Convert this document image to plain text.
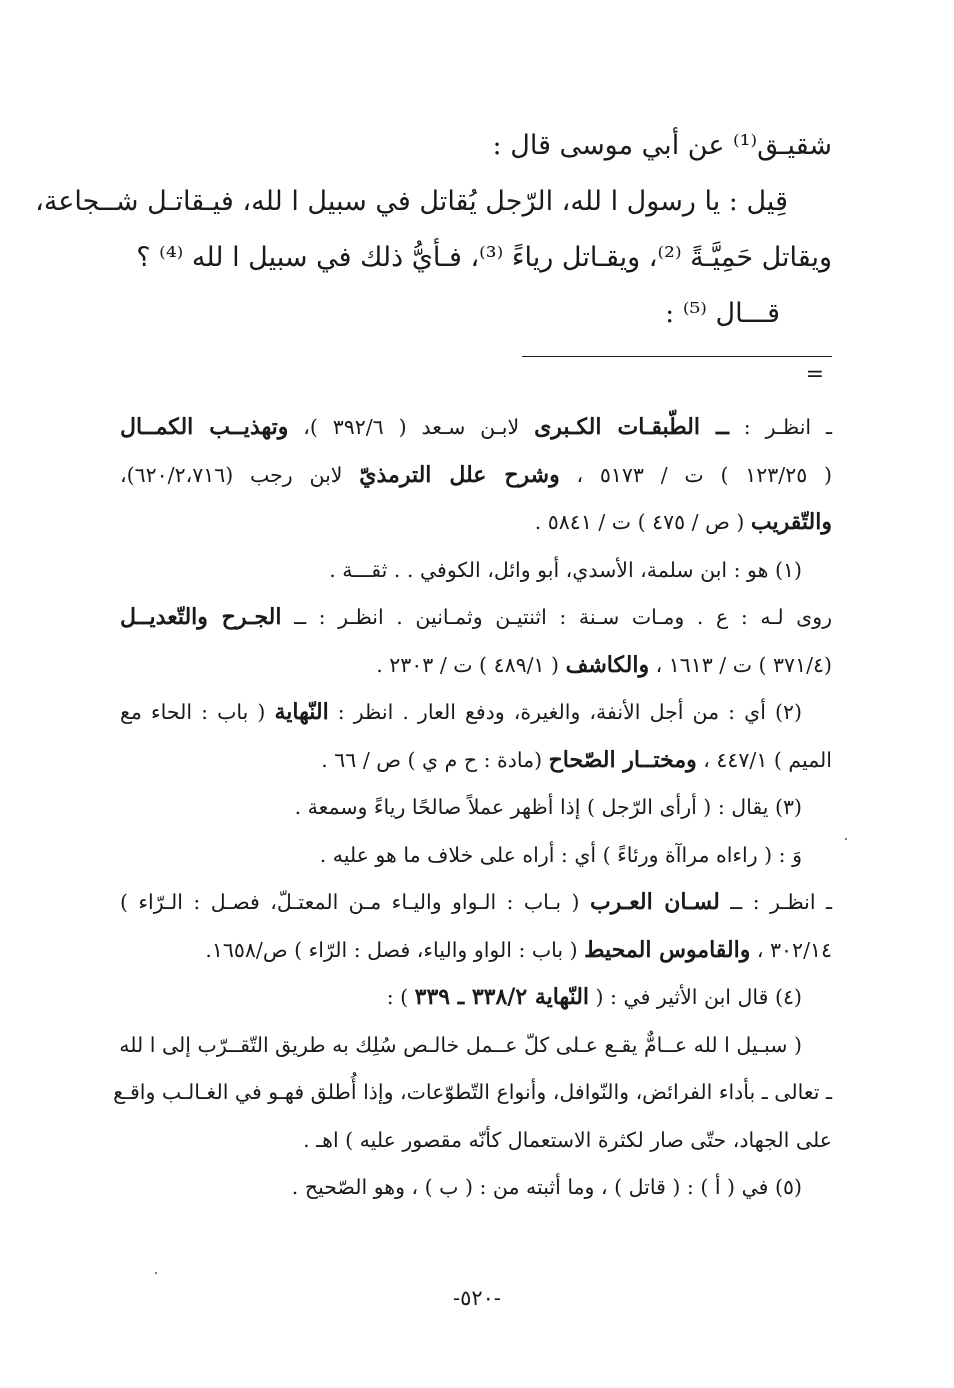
شقيـق⁽¹⁾ عن أبي موسى قال :

قِيل : يا رسول ا لله، الرّجل يُقاتل في سبيل ا لله، فيـقاتـل شــجاعة،

ويقاتل حَمِيَّـةً ⁽²⁾، ويقـاتل رياءً ⁽³⁾، فـأيُّ ذلك في سبيل ا لله ⁽⁴⁾ ؟

قـــال ⁽⁵⁾ :

=

ـ انظـر : ــ الطّبقـات الكـبرى لابـن سـعد ( ٣٩٢/٦ )، وتهذيــب الكمــال

( ١٢٣/٢٥ ) ت / ٥١٧٣ ، وشرح علل الترمذيّ لابن رجب (٦٢٠/٢،٧١٦)،

والتّقريب ( ص / ٤٧٥ ) ت / ٥٨٤١ .

(١) هو : ابن سلمة، الأسدي، أبو وائل، الكوفي . . ثقـــة .

روى لـه : ع . ومـات سـنة : اثنتيـن وثمـانين . انظـر : ــ الجـرح والتّعديــل

(٣٧١/٤ ) ت / ١٦١٣ ، والكاشف ( ٤٨٩/١ ) ت / ٢٣٠٣ .

(٢) أي : من أجل الأنفة، والغيرة، ودفع العار . انظر : النّهاية ( باب : الحاء مع

الميم ) ٤٤٧/١ ، ومختــار الصّحاح (مادة : ح م ي ) ص / ٦٦ .

(٣) يقال : ( أرأى الرّجل ) إذا أظهر عملاً صالحًا رياءً وسمعة .

وَ : ( راءاه مراآة ورئاءً ) أي : أراه على خلاف ما هو عليه .

ـ انظـر : ــ لسـان العـرب ( بـاب : الـواو واليـاء مـن المعتـلّ، فصـل : الـرّاء )

٣٠٢/١٤ ، والقاموس المحيط ( باب : الواو والياء، فصل : الرّاء ) ص/١٦٥٨.

(٤) قال ابن الأثير في : ( النّهاية ٣٣٨/٢ ـ ٣٣٩ ) :

( سبـيل ا لله عــامٌّ يقـع عـلى كلّ عــمل خالـص سُلِك به طريق التّقــرّب إلى ا لله

ـ تعالى ـ بأداء الفرائض، والنّوافل، وأنواع التّطوّعات، وإذا أُطلق فهـو في الغـالـب واقـع

على الجهاد، حتّى صار لكثرة الاستعمال كأنّه مقصور عليه ) اهـ .

(٥) في ( أ ) : ( قاتل ) ، وما أثبته من : ( ب ) ، وهو الصّحيح .

-٥٢٠-
